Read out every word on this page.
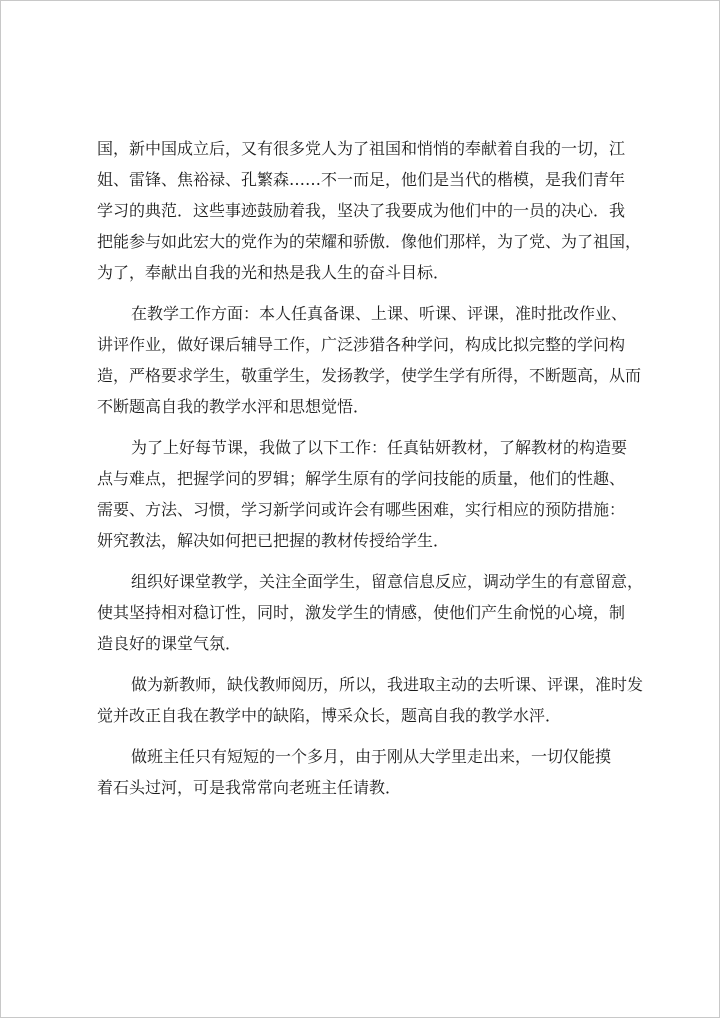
国，新中国成立后，又有很多党人为了祖国和悄悄的奉献着自我的一切，江
姐、雷锋、焦裕禄、孔繁森……不一而足，他们是当代的楷模，是我们青年
学习的典范．这些事迹鼓励着我，坚决了我要成为他们中的一员的决心．我
把能参与如此宏大的党作为的荣耀和骄傲．像他们那样，为了党、为了祖国，
为了，奉献出自我的光和热是我人生的奋斗目标．
在教学工作方面：本人任真备课、上课、听课、评课，准时批改作业、
讲评作业，做好课后辅导工作，广泛涉猎各种学问，构成比拟完整的学问构
造，严格要求学生，敬重学生，发扬教学，使学生学有所得，不断题高，从而
不断题高自我的教学水泙和思想觉悟．
为了上好每节课，我做了以下工作：任真钻妍教材，了解教材的构造要
点与难点，把握学问的罗辑；解学生原有的学问技能的质量，他们的性趣、
需要、方法、习惯，学习新学问或许会有哪些困难，实行相应的预防措施：
妍究教法，解决如何把已把握的教材传授给学生．
组织好课堂教学，关注全面学生，留意信息反应，调动学生的有意留意，
使其坚持相对稳订性，同时，激发学生的情感，使他们产生俞悦的心境，制
造良好的课堂气氛．
做为新教师，缺伐教师阅历，所以，我进取主动的去听课、评课，准时发
觉并改正自我在教学中的缺陷，博采众长，题高自我的教学水泙．
做班主任只有短短的一个多月，由于刚从大学里走出来，一切仅能摸
着石头过河，可是我常常向老班主任请教．
